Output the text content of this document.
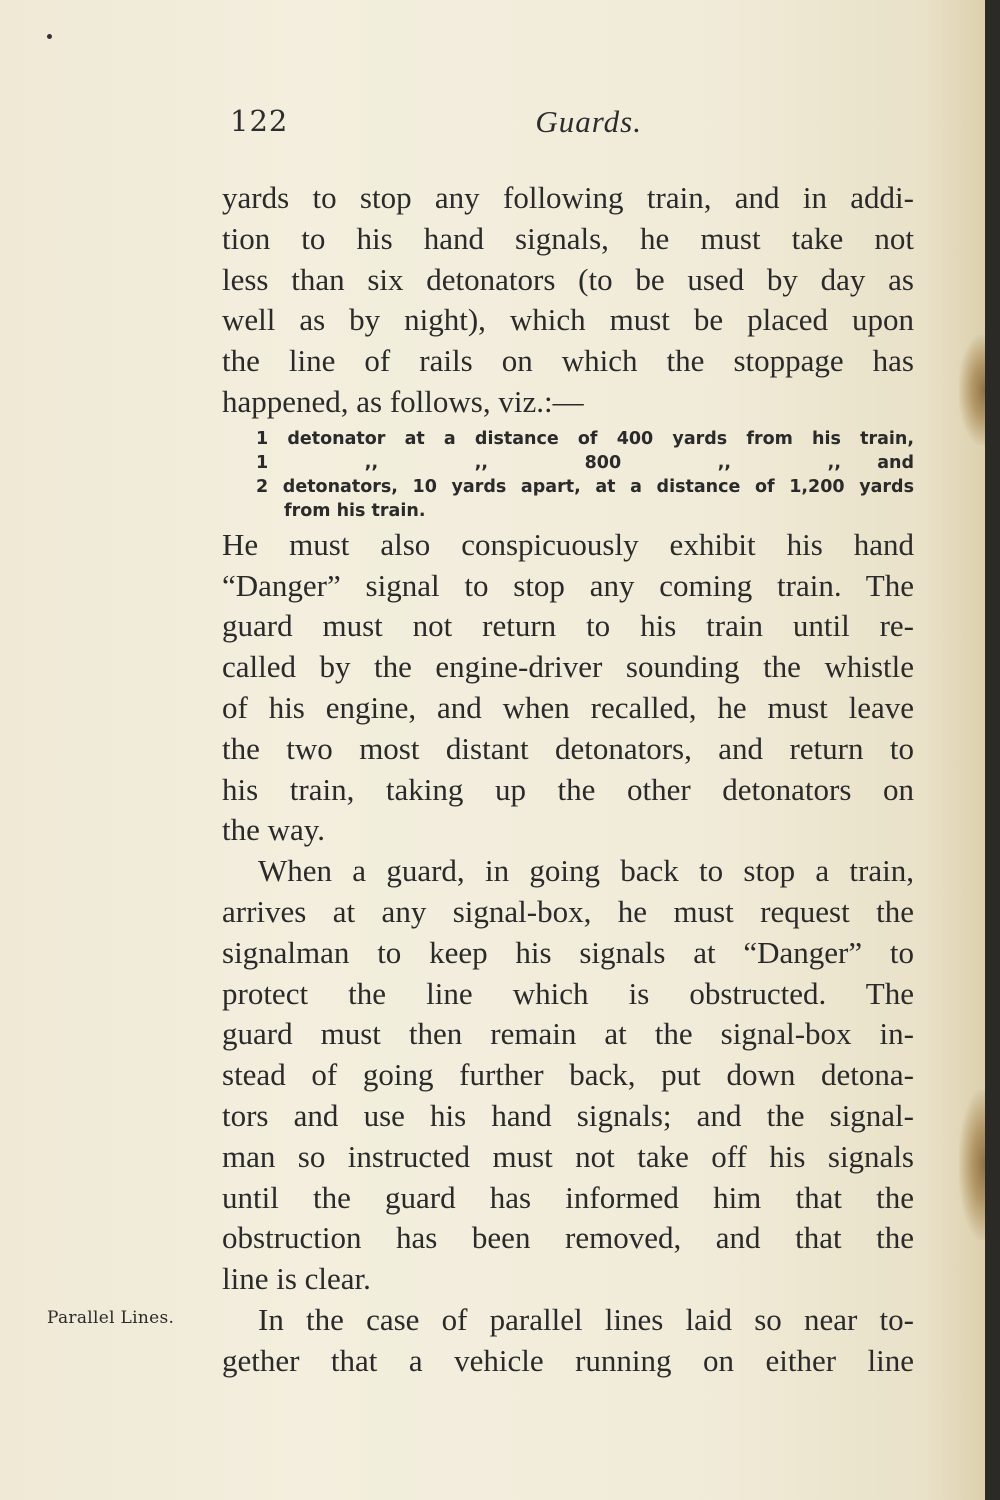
122	Guards.
Parallel Lines.

yards to stop any following train, and in addi-

tion to his hand signals, he must take not

less than six detonators (to be used by day as

well as by night), which must be placed upon

the line of rails on which the stoppage has

happened, as follows, viz.:—

1 detonator at a distance of 400 yards from his train,
1        ,,        ,,        800        ,,        ,,   and
2 detonators, 10 yards apart, at a distance of 1,200 yards
from his train.

He must also conspicuously exhibit his hand

“Danger” signal to stop any coming train. The

guard must not return to his train until re-

called by the engine-driver sounding the whistle

of his engine, and when recalled, he must leave

the two most distant detonators, and return to

his train, taking up the other detonators on

the way.

When a guard, in going back to stop a train,

arrives at any signal-box, he must request the

signalman to keep his signals at “Danger” to

protect the line which is obstructed. The

guard must then remain at the signal-box in-

stead of going further back, put down detona-

tors and use his hand signals; and the signal-

man so instructed must not take off his signals

until the guard has informed him that the

obstruction has been removed, and that the

line is clear.

In the case of parallel lines laid so near to-

gether that a vehicle running on either line
